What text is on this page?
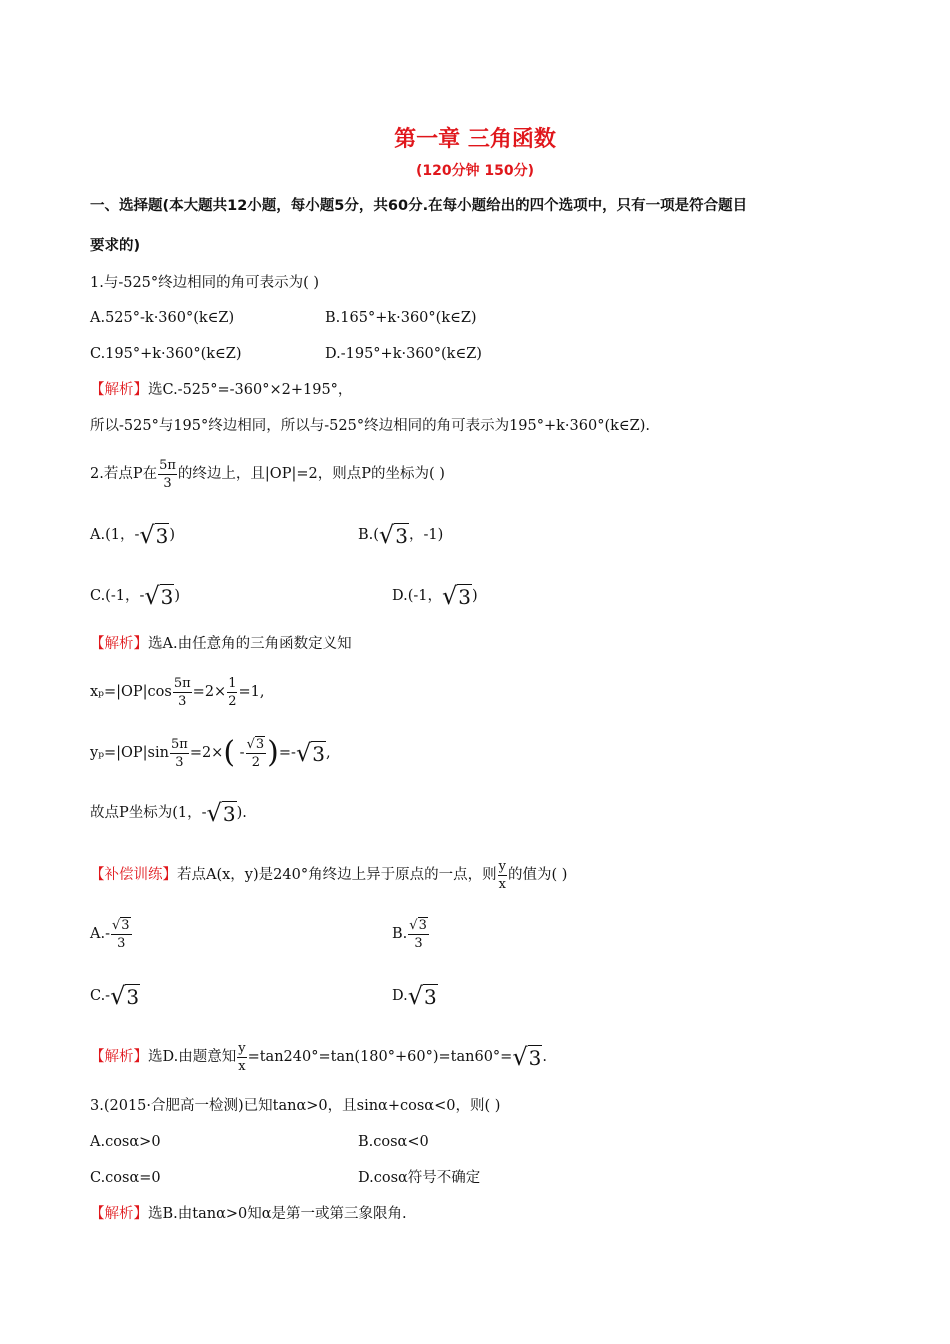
第一章 三角函数
(120分钟 150分)
一、选择题(本大题共12小题，每小题5分，共60分.在每小题给出的四个选项中，只有一项是符合题目
要求的)
1.与-525°终边相同的角可表示为( )
A.525°-k·360°(k∈Z)	B.165°+k·360°(k∈Z)
C.195°+k·360°(k∈Z)	D.-195°+k·360°(k∈Z)
【解析】选C.-525°=-360°×2+195°，
所以-525°与195°终边相同，所以与-525°终边相同的角可表示为195°+k·360°(k∈Z).
2.若点P在 $\frac{5\pi}{3}$ 的终边上，且|OP|=2，则点P的坐标为( )
A.(1，-√3)	B.(√3，-1)
C.(-1，-√3)	D.(-1，√3)
【解析】选A.由任意角的三角函数定义知
$x_p=|OP|\cos \frac{5\pi}{3} =2\times \frac{1}{2} =1$,
$y_p=|OP|\sin \frac{5\pi}{3} =2\times( - \frac{√3}{2} )=-√3$,
故点P坐标为(1，-√3).
【补偿训练】若点A(x，y)是240°角终边上异于原点的一点，则 $\frac{y}{x}$ 的值为( )
$A.- \frac{√3}{3}$	B. $\frac{√3}{3}$
C.-√3	D.√3
【解析】选D.由题意知 $\frac{y}{x} =\tan 240^\circ=\tan(180^\circ+60^\circ)=\tan 60^\circ=√3$.
3.(2015·合肥高一检测)已知tanα>0，且sinα+cosα<0，则( )
A.cosα>0	B.cosα<0
C.cosα=0	D.cosα符号不确定
【解析】选B.由tanα>0知α是第一或第三象限角.
